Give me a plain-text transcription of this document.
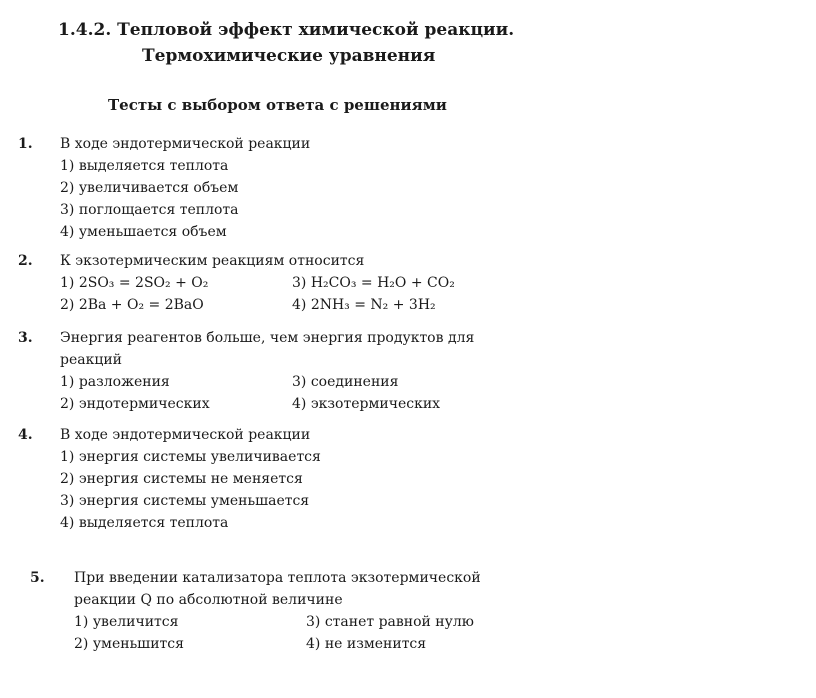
1.4.2. Тепловой эффект химической реакции.
Термохимические уравнения
Тесты с выбором ответа с решениями
1. В ходе эндотермической реакции
1) выделяется теплота
2) увеличивается объем
3) поглощается теплота
4) уменьшается объем
2. К экзотермическим реакциям относится
1) 2SO₃ = 2SO₂ + O₂	3) H₂CO₃ = H₂O + CO₂
2) 2Ba + O₂ = 2BaO	4) 2NH₃ = N₂ + 3H₂
3. Энергия реагентов больше, чем энергия продуктов для
реакций
1) разложения	3) соединения
2) эндотермических	4) экзотермических
4. В ходе эндотермической реакции
1) энергия системы увеличивается
2) энергия системы не меняется
3) энергия системы уменьшается
4) выделяется теплота
5. При введении катализатора теплота экзотермической
реакции Q по абсолютной величине
1) увеличится	3) станет равной нулю
2) уменьшится	4) не изменится
